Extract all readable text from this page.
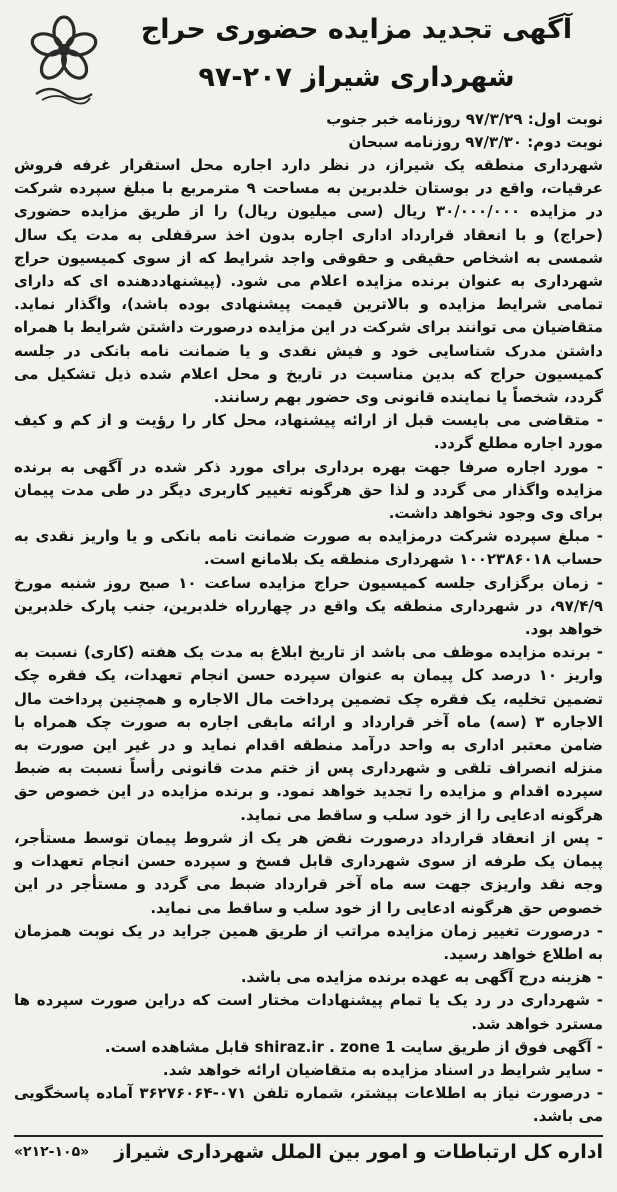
آگهی تجدید مزایده حضوری حراج
شهرداری شیراز ۲۰۷-۹۷

نوبت اول: ۹۷/۳/۲۹ روزنامه خبر جنوب

نوبت دوم: ۹۷/۳/۳۰ روزنامه سبحان

شهرداری منطقه یک شیراز، در نظر دارد اجاره محل استقرار غرفه فروش عرقیات، واقع در بوستان خلدبرین به مساحت ۹ مترمربع با مبلغ سپرده شرکت در مزایده ۳۰/۰۰۰/۰۰۰ ریال (سی میلیون ریال) را از طریق مزایده حضوری (حراج) و با انعقاد قرارداد اداری اجاره بدون اخذ سرقفلی به مدت یک سال شمسی به اشخاص حقیقی و حقوقی واجد شرایط که از سوی کمیسیون حراج شهرداری به عنوان برنده مزایده اعلام می شود. (پیشنهاددهنده ای که دارای تمامی شرایط مزایده و بالاترین قیمت پیشنهادی بوده باشد)، واگذار نماید. متقاضیان می توانند برای شرکت در این مزایده درصورت داشتن شرایط با همراه داشتن مدرک شناسایی خود و فیش نقدی و یا ضمانت نامه بانکی در جلسه کمیسیون حراج که بدین مناسبت در تاریخ و محل اعلام شده ذیل تشکیل می گردد، شخصاً یا نماینده قانونی وی حضور بهم رسانند.

- متقاضی می بایست قبل از ارائه پیشنهاد، محل کار را رؤیت و از کم و کیف مورد اجاره مطلع گردد.

- مورد اجاره صرفا جهت بهره برداری برای مورد ذکر شده در آگهی به برنده مزایده واگذار می گردد و لذا حق هرگونه تغییر کاربری دیگر در طی مدت پیمان برای وی وجود نخواهد داشت.

- مبلغ سپرده شرکت درمزایده به صورت ضمانت نامه بانکی و یا واریز نقدی به حساب ۱۰۰۲۳۸۶۰۱۸ شهرداری منطقه یک بلامانع است.

- زمان برگزاری جلسه کمیسیون حراج مزایده ساعت ۱۰ صبح روز شنبه مورخ ۹۷/۴/۹، در شهرداری منطقه یک واقع در چهارراه خلدبرین، جنب پارک خلدبرین خواهد بود.

- برنده مزایده موظف می باشد از تاریخ ابلاغ به مدت یک هفته (کاری) نسبت به واریز ۱۰ درصد کل پیمان به عنوان سپرده حسن انجام تعهدات، یک فقره چک تضمین تخلیه، یک فقره چک تضمین پرداخت مال الاجاره و همچنین پرداخت مال الاجاره ۳ (سه) ماه آخر قرارداد و ارائه مابقی اجاره به صورت چک همراه با ضامن معتبر اداری به واحد درآمد منطقه اقدام نماید و در غیر این صورت به منزله انصراف تلقی و شهرداری پس از ختم مدت قانونی رأساً نسبت به ضبط سپرده اقدام و مزایده را تجدید خواهد نمود. و برنده مزایده در این خصوص حق هرگونه ادعایی را از خود سلب و ساقط می نماید.

- پس از انعقاد قرارداد درصورت نقض هر یک از شروط پیمان توسط مستأجر، پیمان یک طرفه از سوی شهرداری قابل فسخ و سپرده حسن انجام تعهدات و وجه نقد واریزی جهت سه ماه آخر قرارداد ضبط می گردد و مستأجر در این خصوص حق هرگونه ادعایی را از خود سلب و ساقط می نماید.

- درصورت تغییر زمان مزایده مراتب از طریق همین جراید در یک نوبت همزمان به اطلاع خواهد رسید.

- هزینه درج آگهی به عهده برنده مزایده می باشد.

- شهرداری در رد یک یا تمام پیشنهادات مختار است که دراین صورت سپرده ها مسترد خواهد شد.

- آگهی فوق از طریق سایت shiraz.ir . zone 1 قابل مشاهده است.

- سایر شرایط در اسناد مزایده به متقاضیان ارائه خواهد شد.

- درصورت نیاز به اطلاعات بیشتر، شماره تلفن ۰۷۱-۳۶۲۷۶۰۶۴ آماده پاسخگویی می باشد.

اداره کل ارتباطات و امور بین الملل شهرداری شیراز
«۲۱۲-۱۰۵»
